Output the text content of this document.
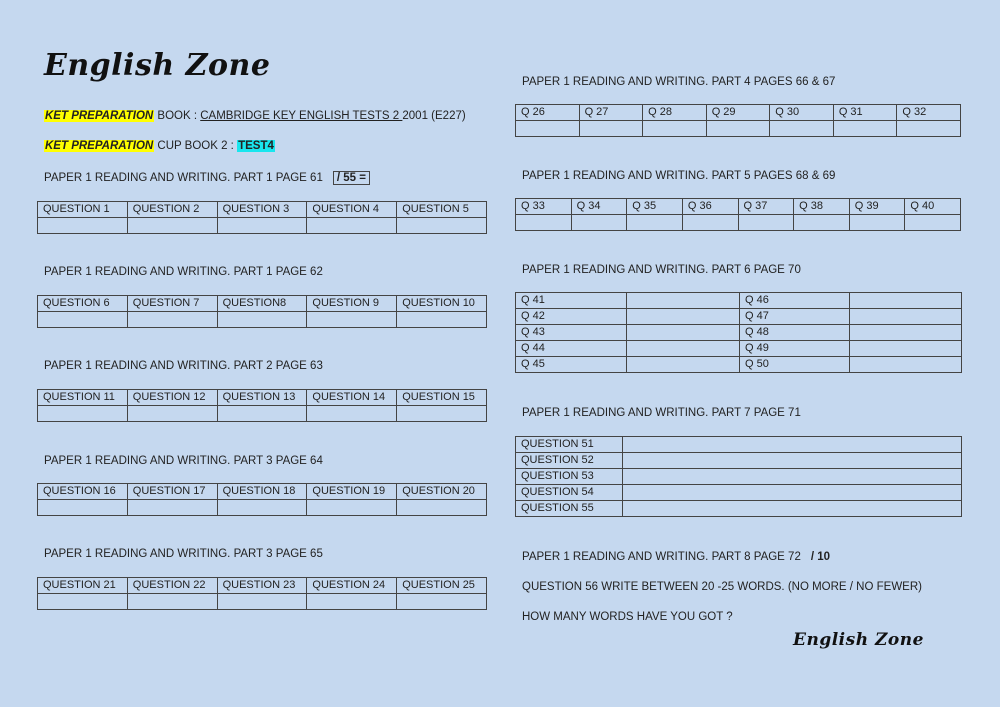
English Zone
KET PREPARATION BOOK : CAMBRIDGE KEY ENGLISH TESTS 2 2001 (E227)
KET PREPARATION CUP BOOK 2 : TEST4
PAPER 1 READING AND WRITING. PART 1 PAGE 61 / 55 =
QUESTION 1	QUESTION 2	QUESTION 3	QUESTION 4	QUESTION 5

PAPER 1 READING AND WRITING. PART 1 PAGE 62
QUESTION 6	QUESTION 7	QUESTION8	QUESTION 9	QUESTION 10

PAPER 1 READING AND WRITING. PART 2 PAGE 63
QUESTION 11	QUESTION 12	QUESTION 13	QUESTION 14	QUESTION 15

PAPER 1 READING AND WRITING. PART 3 PAGE 64
QUESTION 16	QUESTION 17	QUESTION 18	QUESTION 19	QUESTION 20

PAPER 1 READING AND WRITING. PART 3 PAGE 65
QUESTION 21	QUESTION 22	QUESTION 23	QUESTION 24	QUESTION 25

PAPER 1 READING AND WRITING. PART 4 PAGES 66 & 67
Q 26	Q 27	Q 28	Q 29	Q 30	Q 31	Q 32

PAPER 1 READING AND WRITING. PART 5 PAGES 68 & 69
Q 33	Q 34	Q 35	Q 36	Q 37	Q 38	Q 39	Q 40

PAPER 1 READING AND WRITING. PART 6 PAGE 70
Q 41		Q 46	
Q 42		Q 47	
Q 43		Q 48	
Q 44		Q 49	
Q 45		Q 50	
PAPER 1 READING AND WRITING. PART 7 PAGE 71
QUESTION 51	
QUESTION 52	
QUESTION 53	
QUESTION 54	
QUESTION 55	
PAPER 1 READING AND WRITING. PART 8 PAGE 72 / 10
QUESTION 56 WRITE BETWEEN 20 -25 WORDS. (NO MORE / NO FEWER)
HOW MANY WORDS HAVE YOU GOT ?
English Zone
